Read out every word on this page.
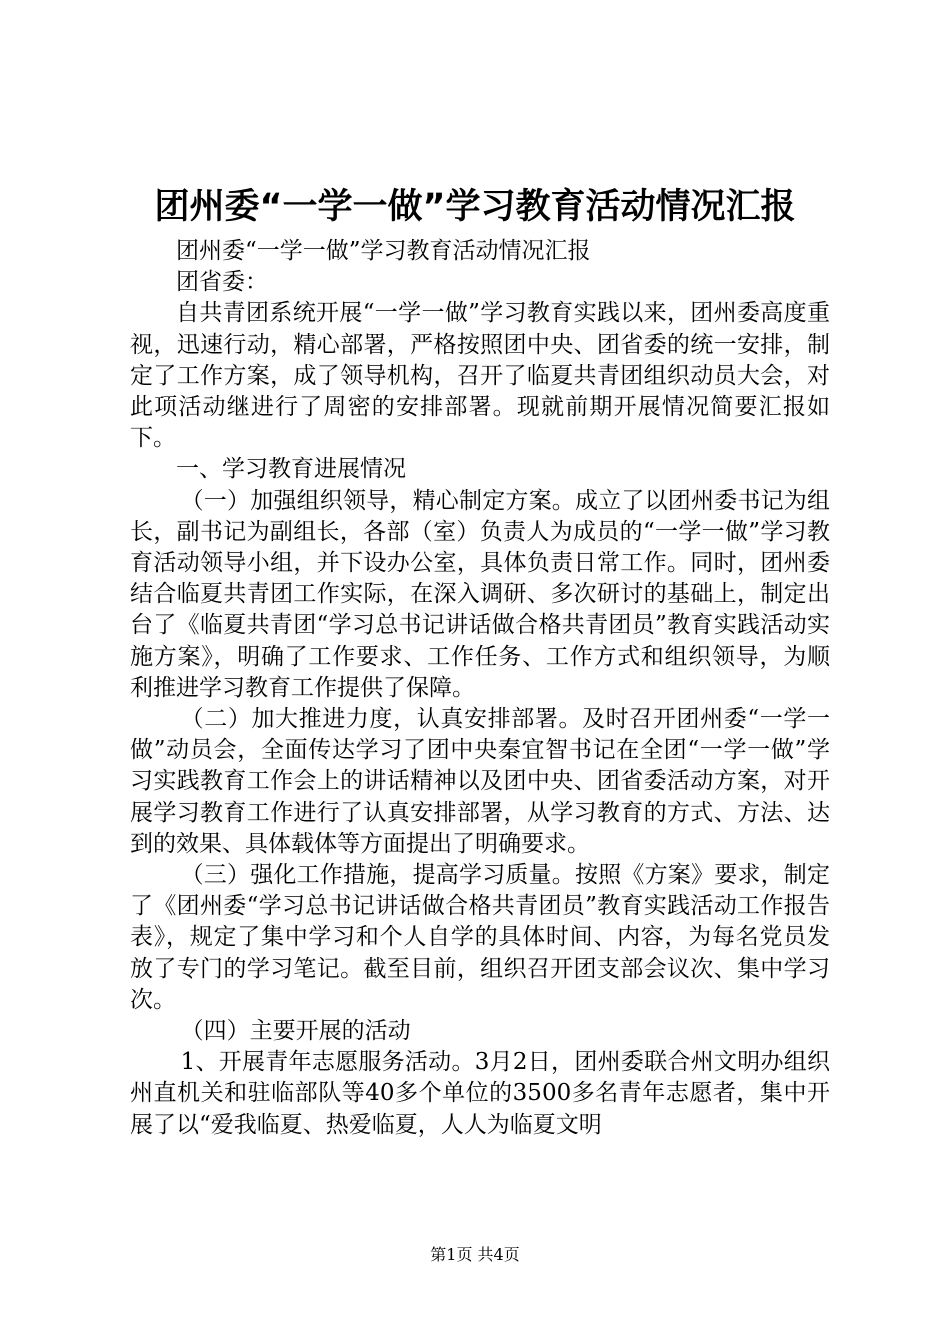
团州委“一学一做”学习教育活动情况汇报

团州委“一学一做”学习教育活动情况汇报

团省委：

自共青团系统开展“一学一做”学习教育实践以来，团州委高度重视，迅速行动，精心部署，严格按照团中央、团省委的统一安排，制定了工作方案，成了领导机构，召开了临夏共青团组织动员大会，对此项活动继进行了周密的安排部署。现就前期开展情况简要汇报如下。

一、学习教育进展情况

（一）加强组织领导，精心制定方案。成立了以团州委书记为组长，副书记为副组长，各部（室）负责人为成员的“一学一做”学习教育活动领导小组，并下设办公室，具体负责日常工作。同时，团州委结合临夏共青团工作实际，在深入调研、多次研讨的基础上，制定出台了《临夏共青团“学习总书记讲话做合格共青团员”教育实践活动实施方案》，明确了工作要求、工作任务、工作方式和组织领导，为顺利推进学习教育工作提供了保障。

（二）加大推进力度，认真安排部署。及时召开团州委“一学一做”动员会，全面传达学习了团中央秦宜智书记在全团“一学一做”学习实践教育工作会上的讲话精神以及团中央、团省委活动方案，对开展学习教育工作进行了认真安排部署，从学习教育的方式、方法、达到的效果、具体载体等方面提出了明确要求。

（三）强化工作措施，提高学习质量。按照《方案》要求，制定了《团州委“学习总书记讲话做合格共青团员”教育实践活动工作报告表》，规定了集中学习和个人自学的具体时间、内容，为每名党员发放了专门的学习笔记。截至目前，组织召开团支部会议次、集中学习次。

（四）主要开展的活动

1、开展青年志愿服务活动。3月2日，团州委联合州文明办组织州直机关和驻临部队等40多个单位的3500多名青年志愿者，集中开展了以“爱我临夏、热爱临夏，人人为临夏文明

第1页 共4页
